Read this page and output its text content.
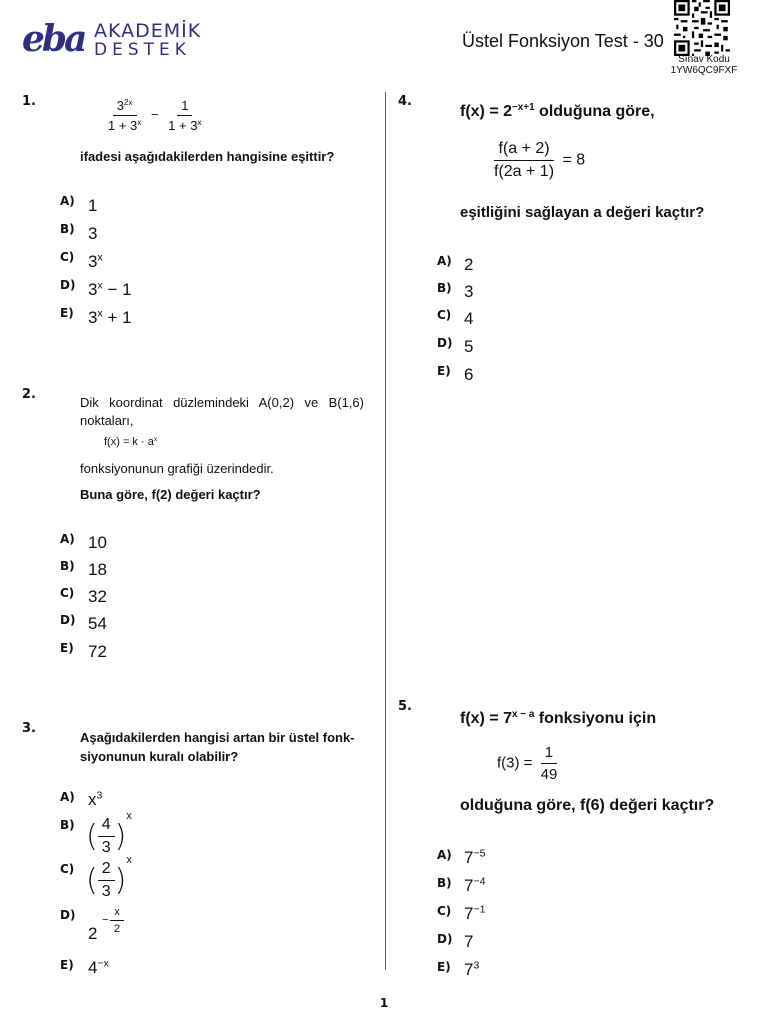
eba AKADEMİK
DESTEK	Üstel Fonksiyon Test - 30
Sınav Kodu
1YW6QC9FXF
1.	$\frac{3^{2x}}{1 + 3^x} - \frac{1}{1 + 3^x}$
ifadesi aşağıdakilerden hangisine eşittir?
A) 1
B) 3
C) 3$^x$
D) $3^x - 1$
E) $3^x + 1$
2.
Dik koordinat düzlemindeki A(0,2) ve B(1,6)
noktaları,
$f(x) = k \cdot a^x$
fonksiyonunun grafiği üzerindedir.
Buna göre, f(2) değeri kaçtır?
A) 10
B) 18
C) 32
D) 54
E) 72
3.
Aşağıdakilerden hangisi artan bir üstel fonk-
siyonunun kuralı olabilir?
A) $x^3$
B) ( $\frac{4}{3} )^x$
C) ( $\frac{2}{3} )^x$
D)
2
− $\frac{x}{2}$
E) $4^{-x}$
4.
$f(x) = 2^{-x+1}$ olduğuna göre,
$\frac{f(a + 2)}{f(2a + 1)} = 8$
eşitliğini sağlayan a değeri kaçtır?
A) 2
B) 3
C) 4
D) 5
E) 6
5.
$f(x) = 7^{x - a}$ fonksiyonu için
$f(3) = \frac{1}{49}$
olduğuna göre, f(6) değeri kaçtır?
A) $7^{-5}$
B) $7^{-4}$
C) $7^{-1}$
D) 7
E) $7^3$
1
